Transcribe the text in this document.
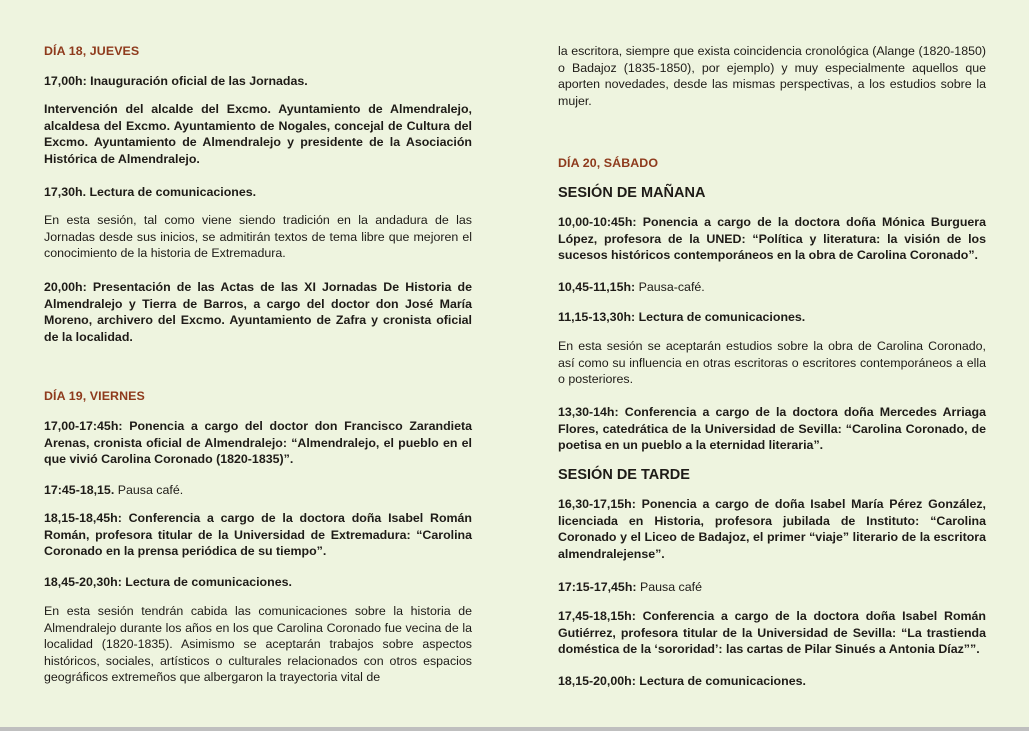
DÍA 18, JUEVES

17,00h: Inauguración oficial de las Jornadas.

Intervención del alcalde del Excmo. Ayuntamiento de Almendralejo, alcaldesa del Excmo. Ayuntamiento de Nogales, concejal de Cultura del Excmo. Ayuntamiento de Almendralejo y presidente de la Asociación Histórica de Almendralejo.

17,30h. Lectura de comunicaciones.

En esta sesión, tal como viene siendo tradición en la andadura de las Jornadas desde sus inicios, se admitirán textos de tema libre que mejoren el conocimiento de la historia de Extremadura.

20,00h: Presentación de las Actas de las XI Jornadas De Historia de Almendralejo y Tierra de Barros, a cargo del doctor don José María Moreno, archivero del Excmo. Ayuntamiento de Zafra y cronista oficial de la localidad.

DÍA 19, VIERNES

17,00-17:45h: Ponencia a cargo del doctor don Francisco Zarandieta Arenas, cronista oficial de Almendralejo: “Almendralejo, el pueblo en el que vivió Carolina Coronado (1820-1835)”.

17:45-18,15. Pausa café.

18,15-18,45h: Conferencia a cargo de la doctora doña Isabel Román Román, profesora titular de la Universidad de Extremadura: “Carolina Coronado en la prensa periódica de su tiempo”.

18,45-20,30h: Lectura de comunicaciones.

En esta sesión tendrán cabida las comunicaciones sobre la historia de Almendralejo durante los años en los que Carolina Coronado fue vecina de la localidad (1820-1835). Asimismo se aceptarán trabajos sobre aspectos históricos, sociales, artísticos o culturales relacionados con otros espacios geográficos extremeños que albergaron la trayectoria vital de

la escritora, siempre que exista coincidencia cronológica (Alange (1820-1850) o Badajoz (1835-1850), por ejemplo) y muy especialmente aquellos que aporten novedades, desde las mismas perspectivas, a los estudios sobre la mujer.

DÍA 20, SÁBADO
SESIÓN DE MAÑANA

10,00-10:45h: Ponencia a cargo de la doctora doña Mónica Burguera López, profesora de la UNED: “Política y literatura: la visión de los sucesos históricos contemporáneos en la obra de Carolina Coronado”.

10,45-11,15h: Pausa-café.

11,15-13,30h: Lectura de comunicaciones.

En esta sesión se aceptarán estudios sobre la obra de Carolina Coronado, así como su influencia en otras escritoras o escritores contemporáneos a ella o posteriores.

13,30-14h: Conferencia a cargo de la doctora doña Mercedes Arriaga Flores, catedrática de la Universidad de Sevilla: “Carolina Coronado, de poetisa en un pueblo a la eternidad literaria”.

SESIÓN DE TARDE

16,30-17,15h: Ponencia a cargo de doña Isabel María Pérez González, licenciada en Historia, profesora jubilada de Instituto: “Carolina Coronado y el Liceo de Badajoz, el primer “viaje” literario de la escritora almendralejense”.

17:15-17,45h: Pausa café

17,45-18,15h: Conferencia a cargo de la doctora doña Isabel Román Gutiérrez, profesora titular de la Universidad de Sevilla: “La trastienda doméstica de la ‘sororidad’: las cartas de Pilar Sinués a Antonia Díaz””.

18,15-20,00h: Lectura de comunicaciones.
